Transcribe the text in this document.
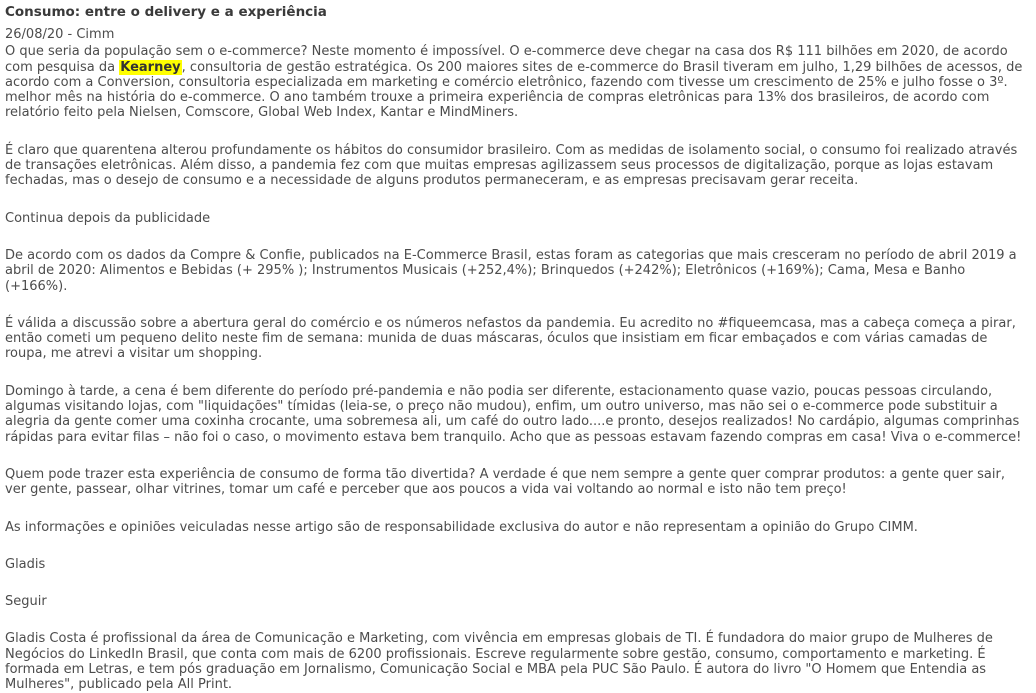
Consumo: entre o delivery e a experiência
26/08/20 - Cimm

O que seria da população sem o e-commerce? Neste momento é impossível. O e-commerce deve chegar na casa dos R$ 111 bilhões em 2020, de acordo com pesquisa da Kearney, consultoria de gestão estratégica. Os 200 maiores sites de e-commerce do Brasil tiveram em julho, 1,29 bilhões de acessos, de acordo com a Conversion, consultoria especializada em marketing e comércio eletrônico, fazendo com tivesse um crescimento de 25% e julho fosse o 3º. melhor mês na história do e-commerce. O ano também trouxe a primeira experiência de compras eletrônicas para 13% dos brasileiros, de acordo com relatório feito pela Nielsen, Comscore, Global Web Index, Kantar e MindMiners.

É claro que quarentena alterou profundamente os hábitos do consumidor brasileiro. Com as medidas de isolamento social, o consumo foi realizado através de transações eletrônicas. Além disso, a pandemia fez com que muitas empresas agilizassem seus processos de digitalização, porque as lojas estavam fechadas, mas o desejo de consumo e a necessidade de alguns produtos permaneceram, e as empresas precisavam gerar receita.

Continua depois da publicidade

De acordo com os dados da Compre & Confie, publicados na E-Commerce Brasil, estas foram as categorias que mais cresceram no período de abril 2019 a abril de 2020: Alimentos e Bebidas (+ 295% ); Instrumentos Musicais (+252,4%); Brinquedos (+242%); Eletrônicos (+169%); Cama, Mesa e Banho (+166%).

É válida a discussão sobre a abertura geral do comércio e os números nefastos da pandemia. Eu acredito no #fiqueemcasa, mas a cabeça começa a pirar, então cometi um pequeno delito neste fim de semana: munida de duas máscaras, óculos que insistiam em ficar embaçados e com várias camadas de roupa, me atrevi a visitar um shopping.

Domingo à tarde, a cena é bem diferente do período pré-pandemia e não podia ser diferente, estacionamento quase vazio, poucas pessoas circulando, algumas visitando lojas, com "liquidações" tímidas (leia-se, o preço não mudou), enfim, um outro universo, mas não sei o e-commerce pode substituir a alegria da gente comer uma coxinha crocante, uma sobremesa ali, um café do outro lado....e pronto, desejos realizados! No cardápio, algumas comprinhas rápidas para evitar filas – não foi o caso, o movimento estava bem tranquilo. Acho que as pessoas estavam fazendo compras em casa! Viva o e-commerce!

Quem pode trazer esta experiência de consumo de forma tão divertida? A verdade é que nem sempre a gente quer comprar produtos: a gente quer sair, ver gente, passear, olhar vitrines, tomar um café e perceber que aos poucos a vida vai voltando ao normal e isto não tem preço!

As informações e opiniões veiculadas nesse artigo são de responsabilidade exclusiva do autor e não representam a opinião do Grupo CIMM.

Gladis
Seguir

Gladis Costa é profissional da área de Comunicação e Marketing, com vivência em empresas globais de TI. É fundadora do maior grupo de Mulheres de Negócios do LinkedIn Brasil, que conta com mais de 6200 profissionais. Escreve regularmente sobre gestão, consumo, comportamento e marketing. É formada em Letras, e tem pós graduação em Jornalismo, Comunicação Social e MBA pela PUC São Paulo. É autora do livro "O Homem que Entendia as Mulheres", publicado pela All Print.
